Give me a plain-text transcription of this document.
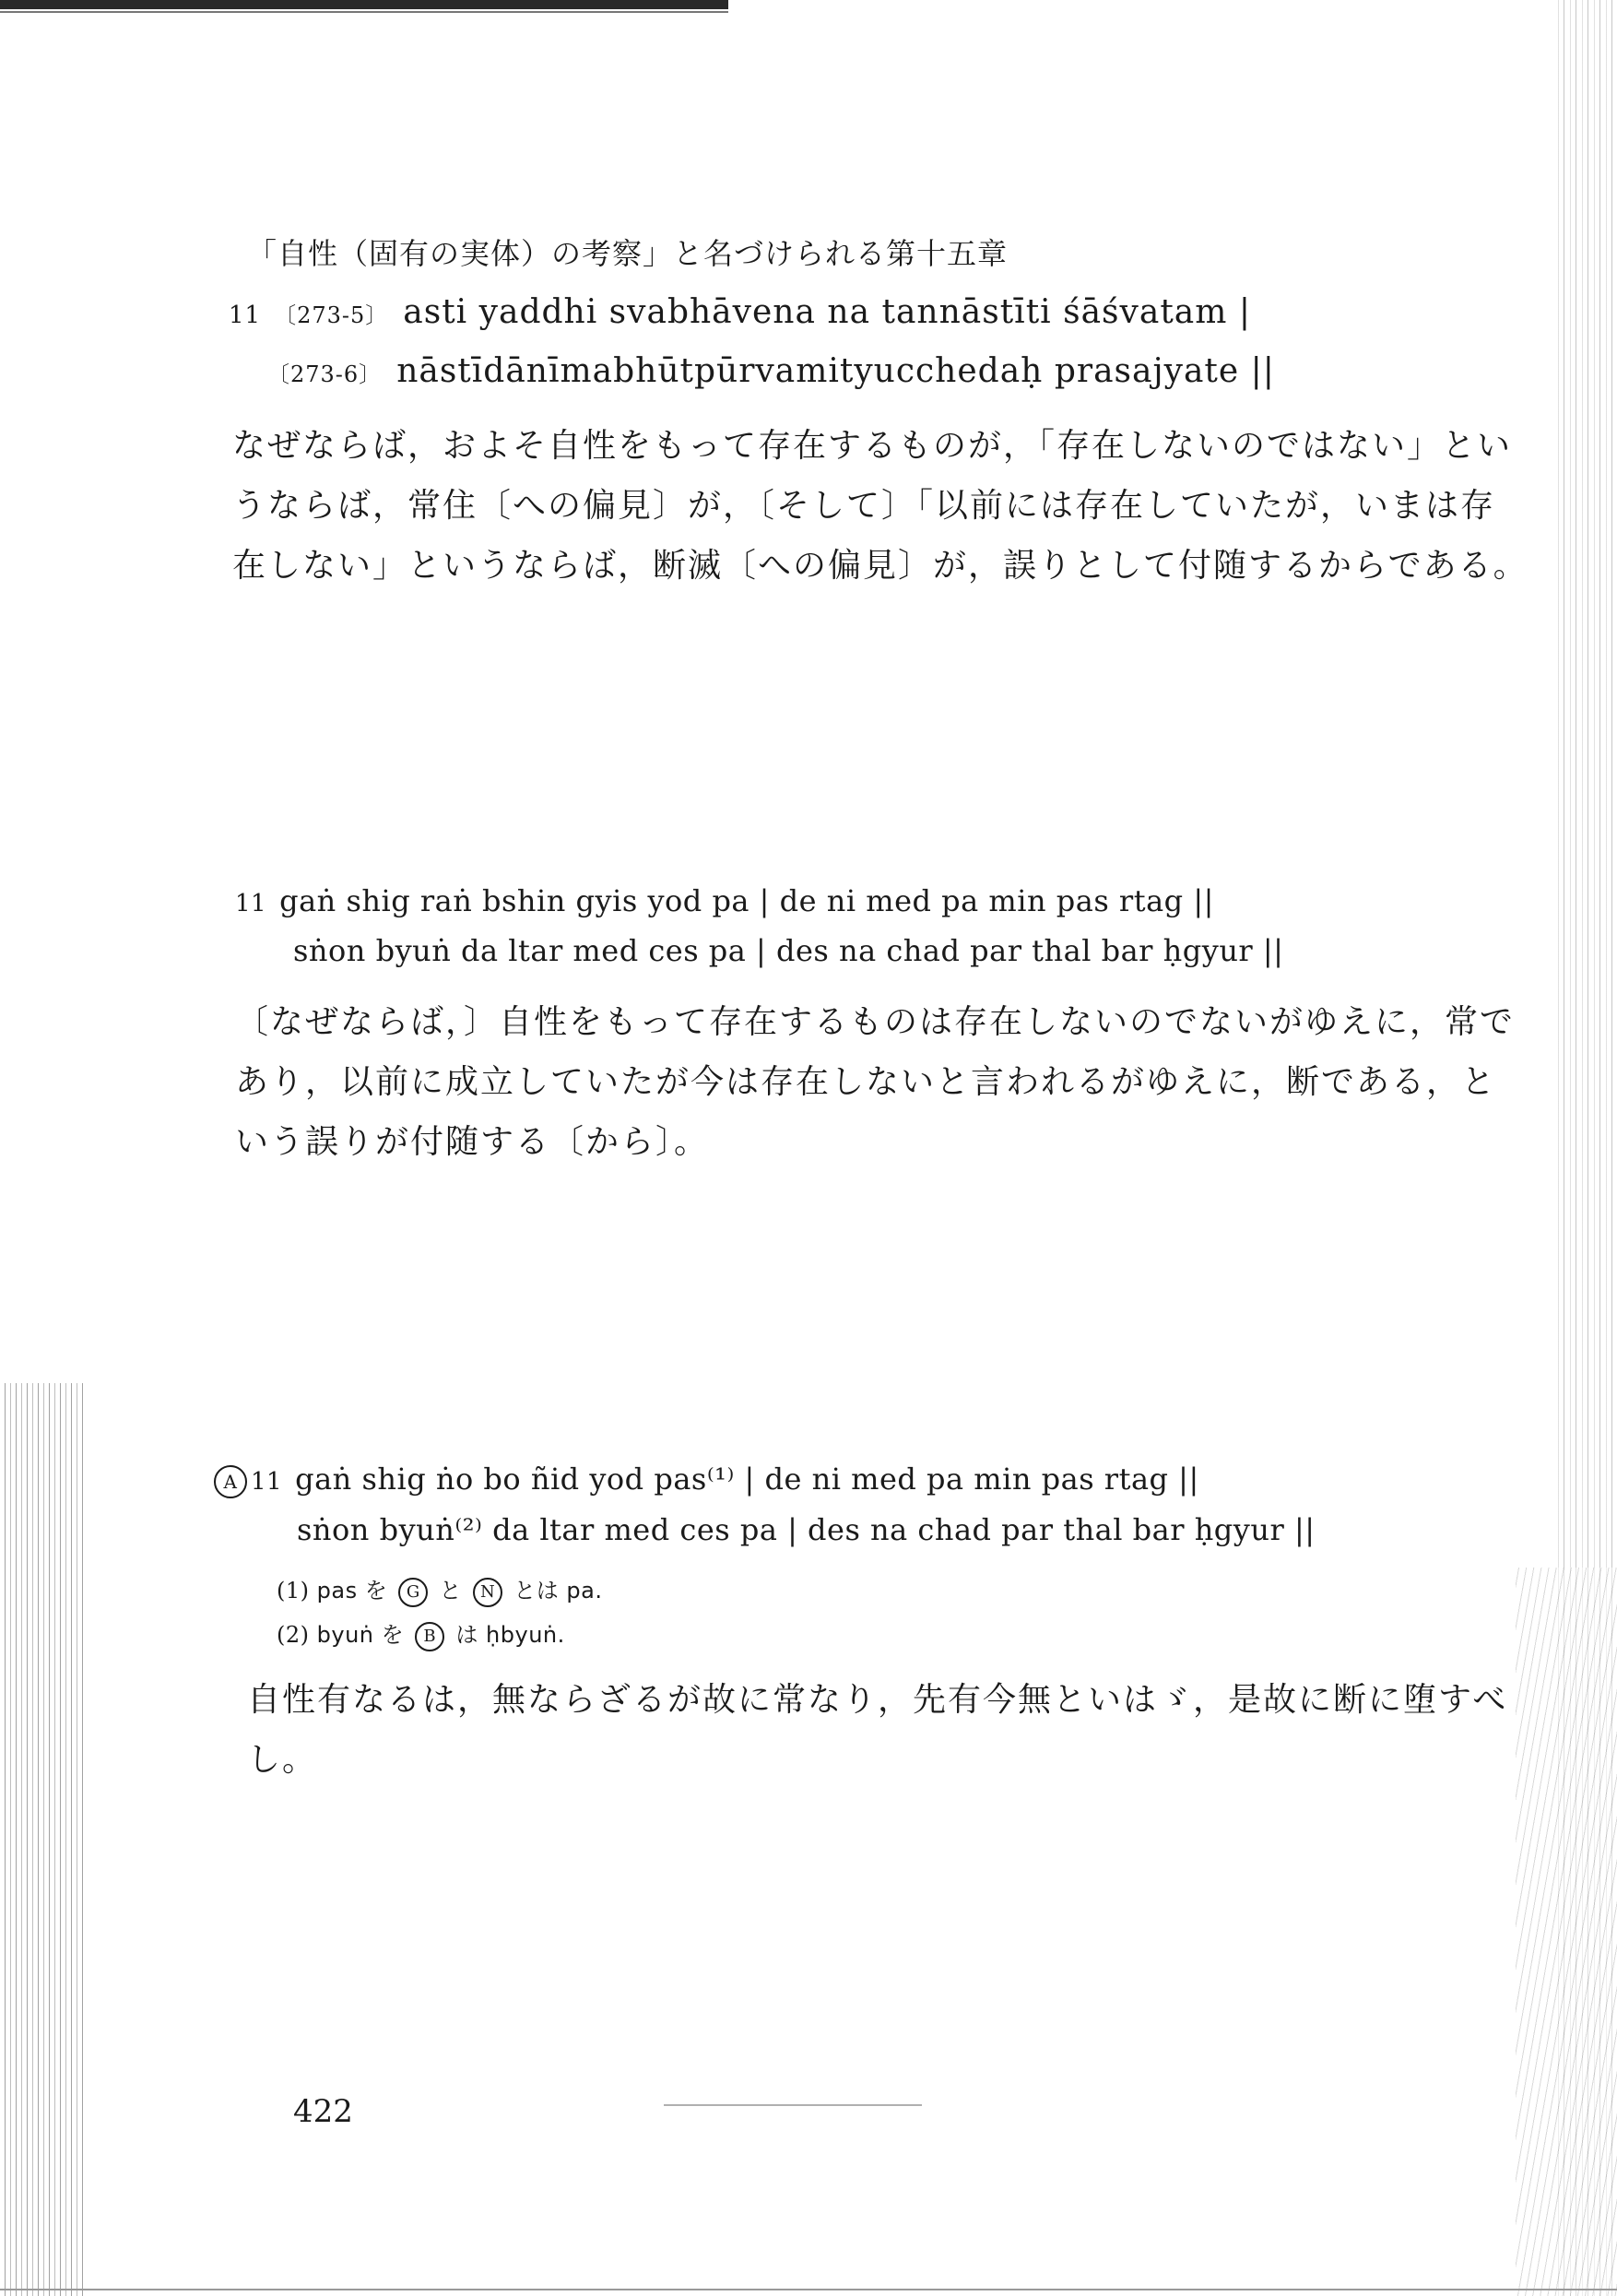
「自性（固有の実体）の考察」と名づけられる第十五章
11 〔273-5〕 asti yaddhi svabhāvena na tannāstīti śāśvatam |
〔273-6〕 nāstīdānīmabhūtpūrvamityucchedaḥ prasajyate ||
なぜならば，およそ自性をもって存在するものが，「存在しないのではない」とい
うならば，常住〔への偏見〕が，〔そして〕「以前には存在していたが，いまは存
在しない」というならば，断滅〔への偏見〕が，誤りとして付随するからである。
11 gaṅ shig raṅ bshin gyis yod pa | de ni med pa min pas rtag ||
sṅon byuṅ da ltar med ces pa | des na chad par thal bar ḥgyur ||
〔なぜならば，〕自性をもって存在するものは存在しないのでないがゆえに，常で
あり，以前に成立していたが今は存在しないと言われるがゆえに，断である，と
いう誤りが付随する〔から〕。
A 11 gaṅ shig ṅo bo ñid yod pas⁽¹⁾ | de ni med pa min pas rtag ||
sṅon byuṅ⁽²⁾ da ltar med ces pa | des na chad par thal bar ḥgyur ||
(1) pas を G と N とは pa.
(2) byuṅ を B は ḥbyuṅ.
自性有なるは，無ならざるが故に常なり，先有今無といはゞ，是故に断に堕すべ
し。
422
